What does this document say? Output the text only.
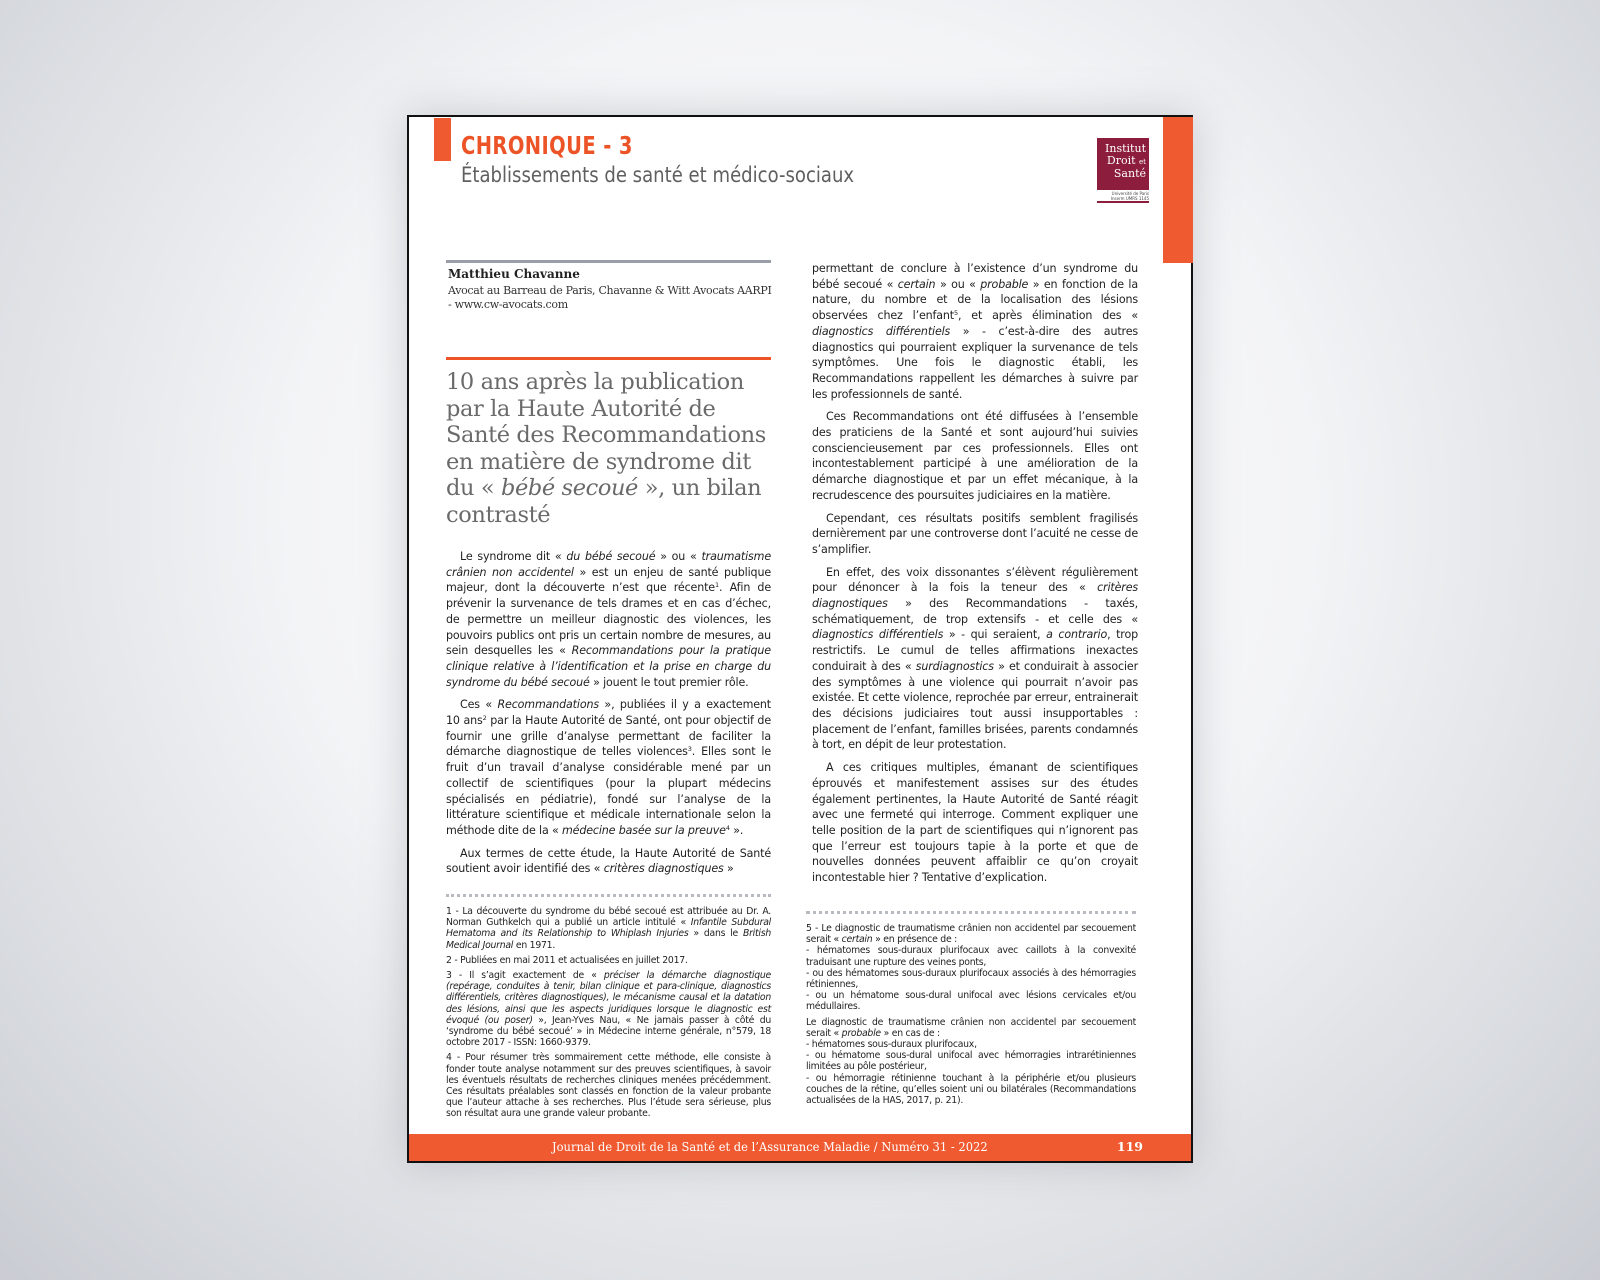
CHRONIQUE - 3
Établissements de santé et médico-sociaux
Institut
Droit et
Santé
Université de Paris
Inserm UMRS 1145
Matthieu Chavanne
Avocat au Barreau de Paris, Chavanne & Witt Avocats AARPI
- www.cw-avocats.com
10 ans après la publication par la Haute Autorité de Santé des Recommandations en matière de syndrome dit du « bébé secoué », un bilan contrasté

Le syndrome dit « du bébé secoué » ou « traumatisme crânien non accidentel » est un enjeu de santé publique majeur, dont la découverte n’est que récente$^1$. Afin de prévenir la survenance de tels drames et en cas d’échec, de permettre un meilleur diagnostic des violences, les pouvoirs publics ont pris un certain nombre de mesures, au sein desquelles les « Recommandations pour la pratique clinique relative à l’identification et la prise en charge du syndrome du bébé secoué » jouent le tout premier rôle.

Ces « Recommandations », publiées il y a exactement 10 ans$^2$ par la Haute Autorité de Santé, ont pour objectif de fournir une grille d’analyse permettant de faciliter la démarche diagnostique de telles violences$^3$. Elles sont le fruit d’un travail d’analyse considérable mené par un collectif de scientifiques (pour la plupart médecins spécialisés en pédiatrie), fondé sur l’analyse de la littérature scientifique et médicale internationale selon la méthode dite de la « médecine basée sur la preuve$^4$ ».

Aux termes de cette étude, la Haute Autorité de Santé soutient avoir identifié des « critères diagnostiques »

permettant de conclure à l’existence d’un syndrome du bébé secoué « certain » ou « probable » en fonction de la nature, du nombre et de la localisation des lésions observées chez l’enfant$^5$, et après élimination des « diagnostics différentiels » - c’est-à-dire des autres diagnostics qui pourraient expliquer la survenance de tels symptômes. Une fois le diagnostic établi, les Recommandations rappellent les démarches à suivre par les professionnels de santé.

Ces Recommandations ont été diffusées à l’ensemble des praticiens de la Santé et sont aujourd’hui suivies consciencieusement par ces professionnels. Elles ont incontestablement participé à une amélioration de la démarche diagnostique et par un effet mécanique, à la recrudescence des poursuites judiciaires en la matière.

Cependant, ces résultats positifs semblent fragilisés dernièrement par une controverse dont l’acuité ne cesse de s’amplifier.

En effet, des voix dissonantes s’élèvent régulièrement pour dénoncer à la fois la teneur des « critères diagnostiques » des Recommandations - taxés, schématiquement, de trop extensifs - et celle des « diagnostics différentiels » - qui seraient, a contrario, trop restrictifs. Le cumul de telles affirmations inexactes conduirait à des « surdiagnostics » et conduirait à associer des symptômes à une violence qui pourrait n’avoir pas existée. Et cette violence, reprochée par erreur, entrainerait des décisions judiciaires tout aussi insupportables : placement de l’enfant, familles brisées, parents condamnés à tort, en dépit de leur protestation.

A ces critiques multiples, émanant de scientifiques éprouvés et manifestement assises sur des études également pertinentes, la Haute Autorité de Santé réagit avec une fermeté qui interroge. Comment expliquer une telle position de la part de scientifiques qui n’ignorent pas que l’erreur est toujours tapie à la porte et que de nouvelles données peuvent affaiblir ce qu’on croyait incontestable hier ? Tentative d’explication.

1 - La découverte du syndrome du bébé secoué est attribuée au Dr. A. Norman Guthkelch qui a publié un article intitulé « Infantile Subdural Hematoma and its Relationship to Whiplash Injuries » dans le British Medical Journal en 1971.

2 - Publiées en mai 2011 et actualisées en juillet 2017.

3 - Il s’agit exactement de « préciser la démarche diagnostique (repérage, conduites à tenir, bilan clinique et para-clinique, diagnostics différentiels, critères diagnostiques), le mécanisme causal et la datation des lésions, ainsi que les aspects juridiques lorsque le diagnostic est évoqué (ou poser) », Jean-Yves Nau, « Ne jamais passer à côté du ‘syndrome du bébé secoué’ » in Médecine interne générale, n°579, 18 octobre 2017 - ISSN: 1660-9379.

4 - Pour résumer très sommairement cette méthode, elle consiste à fonder toute analyse notamment sur des preuves scientifiques, à savoir les éventuels résultats de recherches cliniques menées précédemment. Ces résultats préalables sont classés en fonction de la valeur probante que l’auteur attache à ses recherches. Plus l’étude sera sérieuse, plus son résultat aura une grande valeur probante.

5 - Le diagnostic de traumatisme crânien non accidentel par secouement serait « certain » en présence de :

- hématomes sous-duraux plurifocaux avec caillots à la convexité traduisant une rupture des veines ponts,

- ou des hématomes sous-duraux plurifocaux associés à des hémorragies rétiniennes,

- ou un hématome sous-dural unifocal avec lésions cervicales et/ou médullaires.

Le diagnostic de traumatisme crânien non accidentel par secouement serait « probable » en cas de :

- hématomes sous-duraux plurifocaux,

- ou hématome sous-dural unifocal avec hémorragies intrarétiniennes limitées au pôle postérieur,

- ou hémorragie rétinienne touchant à la périphérie et/ou plusieurs couches de la rétine, qu’elles soient uni ou bilatérales (Recommandations actualisées de la HAS, 2017, p. 21).

Journal de Droit de la Santé et de l’Assurance Maladie / Numéro 31 - 2022	119
